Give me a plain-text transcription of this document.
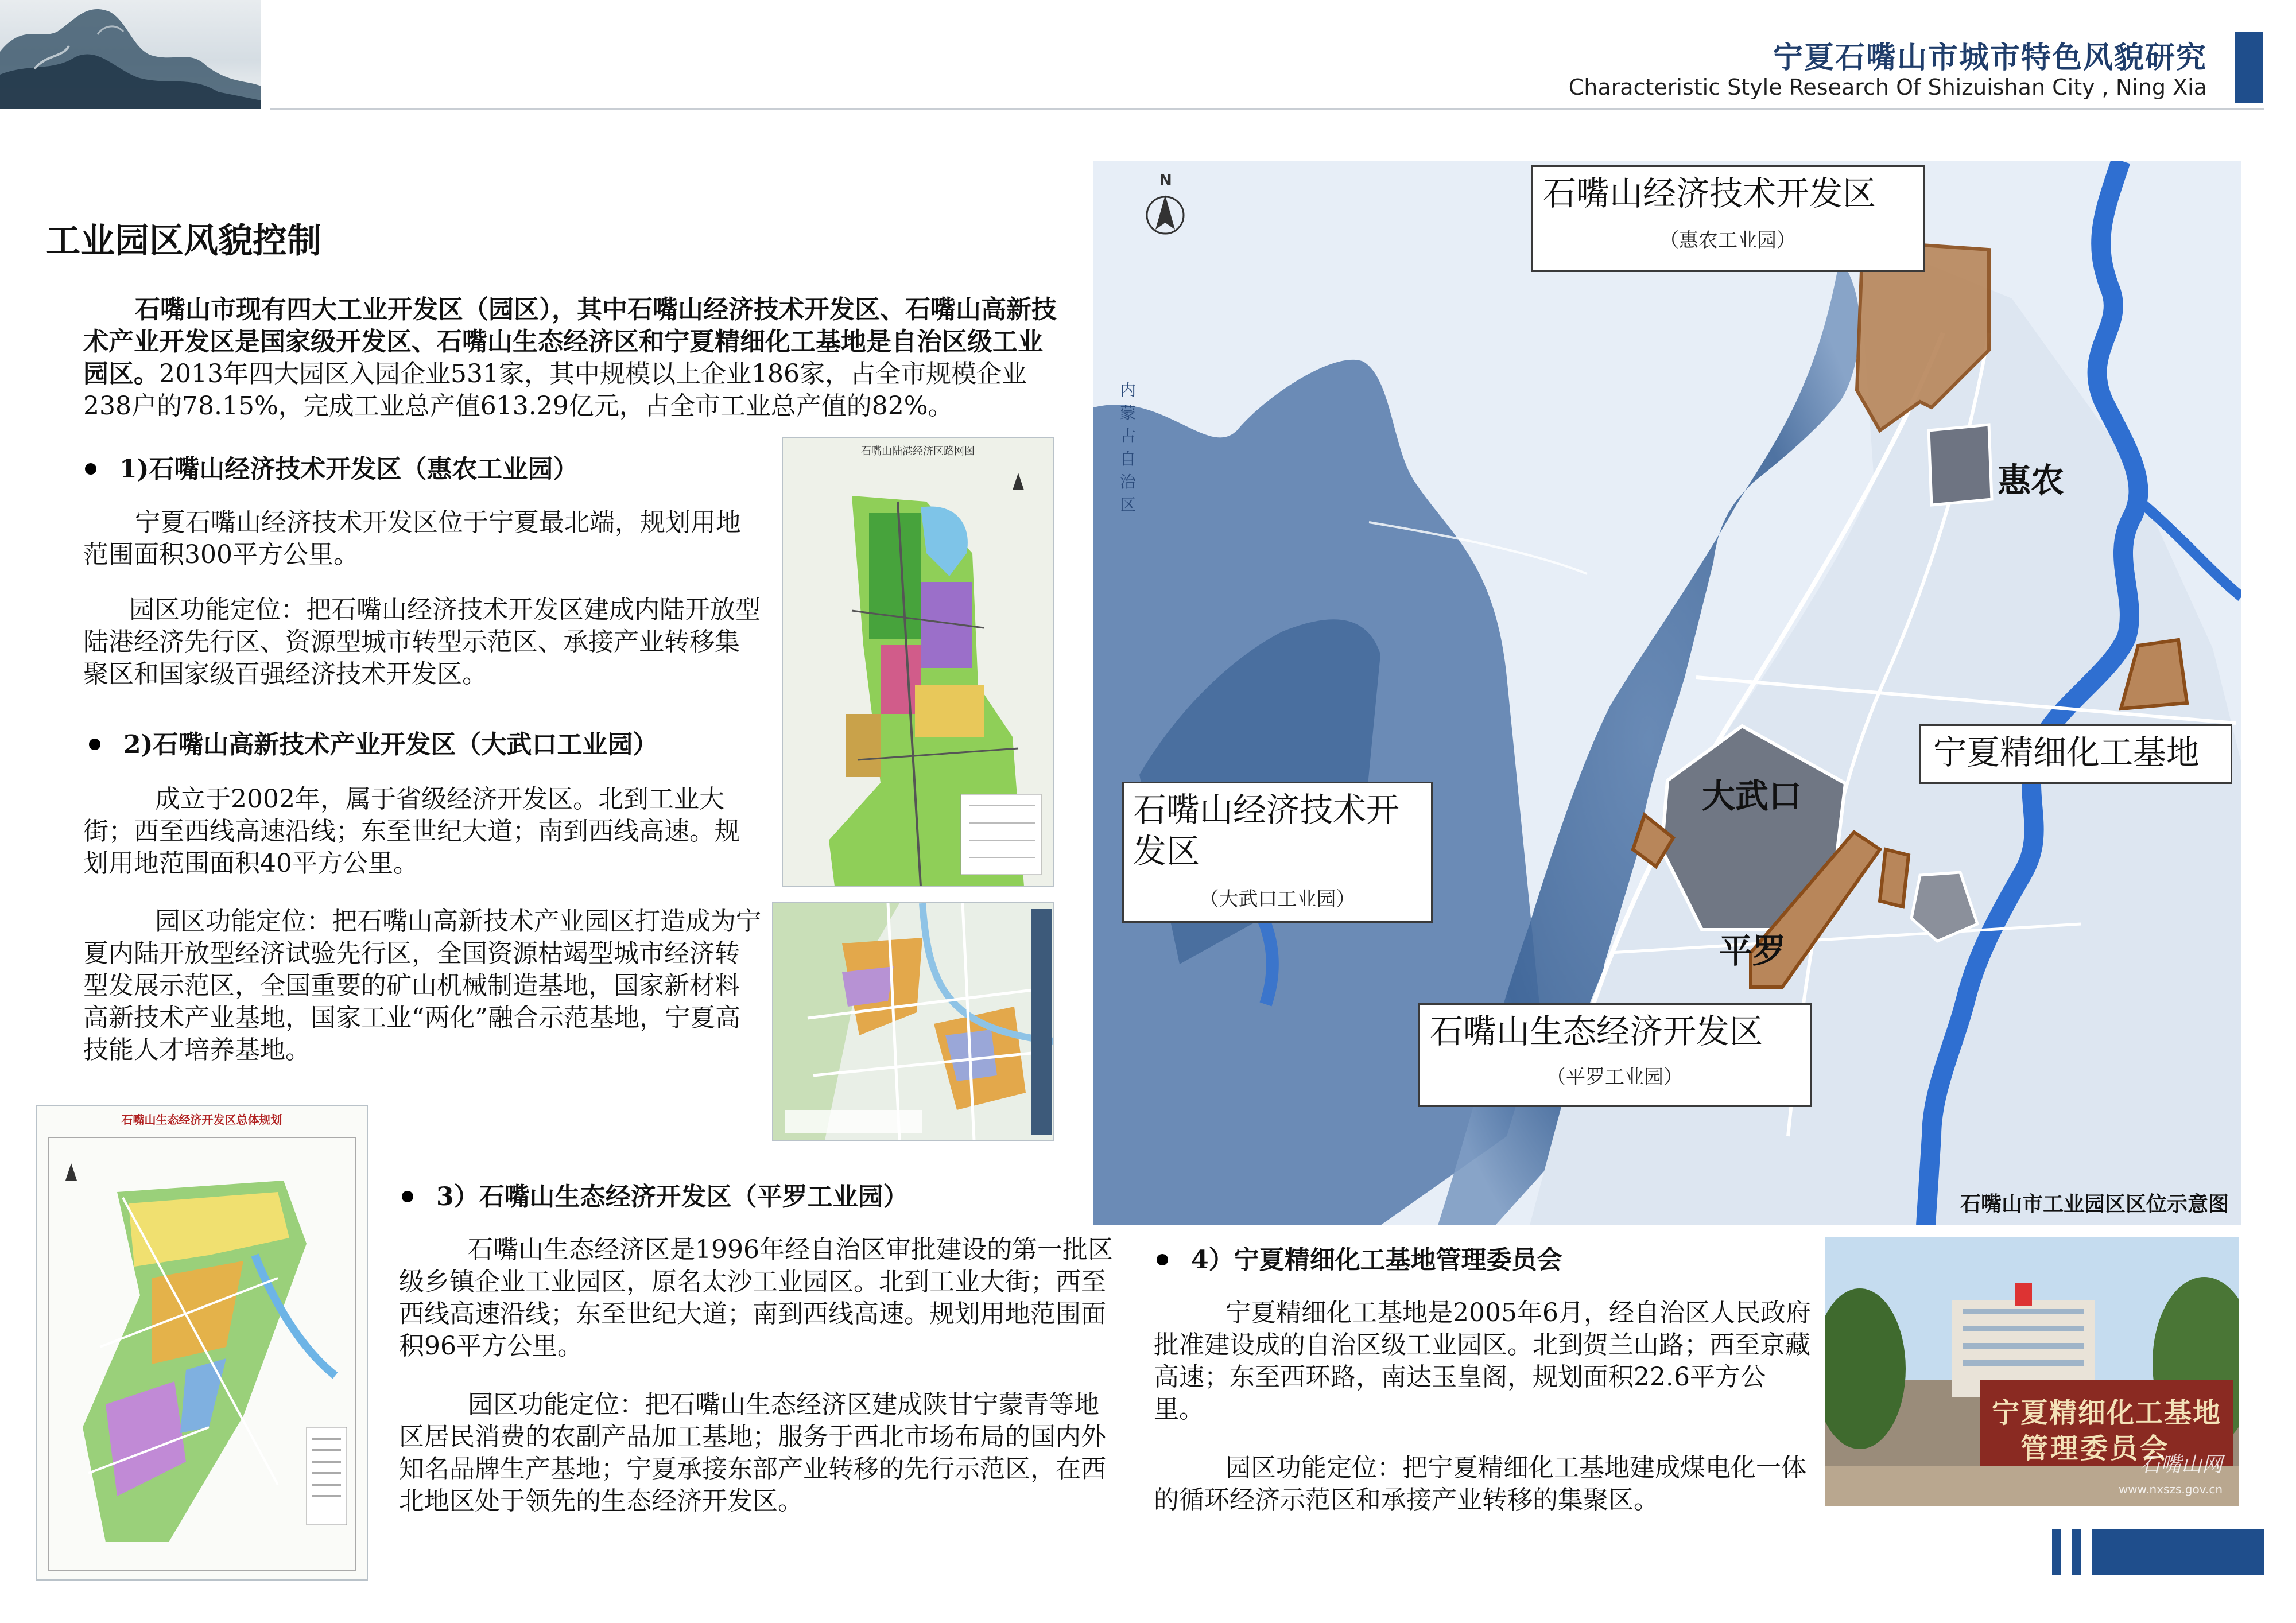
宁夏石嘴山市城市特色风貌研究
Characteristic Style Research Of Shizuishan City , Ning Xia
工业园区风貌控制
石嘴山市现有四大工业开发区（园区），其中石嘴山经济技术开发区、石嘴山高新技术产业开发区是国家级开发区、石嘴山生态经济区和宁夏精细化工基地是自治区级工业园区。2013年四大园区入园企业531家，其中规模以上企业186家，占全市规模企业238户的78.15%，完成工业总产值613.29亿元，占全市工业总产值的82%。
1)石嘴山经济技术开发区（惠农工业园）

宁夏石嘴山经济技术开发区位于宁夏最北端，规划用地范围面积300平方公里。

园区功能定位：把石嘴山经济技术开发区建成内陆开放型陆港经济先行区、资源型城市转型示范区、承接产业转移集聚区和国家级百强经济技术开发区。

2)石嘴山高新技术产业开发区（大武口工业园）

成立于2002年，属于省级经济开发区。北到工业大街；西至西线高速沿线；东至世纪大道；南到西线高速。规划用地范围面积40平方公里。

园区功能定位：把石嘴山高新技术产业园区打造成为宁夏内陆开放型经济试验先行区，全国资源枯竭型城市经济转型发展示范区，全国重要的矿山机械制造基地，国家新材料高新技术产业基地，国家工业“两化”融合示范基地，宁夏高技能人才培养基地。

石嘴山陆港经济区路网图
石嘴山生态经济开发区总体规划
3）石嘴山生态经济开发区（平罗工业园）

石嘴山生态经济区是1996年经自治区审批建设的第一批区级乡镇企业工业园区，原名太沙工业园区。北到工业大街；西至西线高速沿线；东至世纪大道；南到西线高速。规划用地范围面积96平方公里。

园区功能定位：把石嘴山生态经济区建成陕甘宁蒙青等地区居民消费的农副产品加工基地；服务于西北市场布局的国内外知名品牌生产基地；宁夏承接东部产业转移的先行示范区，在西北地区处于领先的生态经济开发区。

N
内蒙古自治区
石嘴山经济技术开发区
（惠农工业园）
石嘴山经济技术开发区
（大武口工业园）
石嘴山生态经济开发区
（平罗工业园）
宁夏精细化工基地
惠农
大武口
平罗
石嘴山市工业园区区位示意图
4）宁夏精细化工基地管理委员会

宁夏精细化工基地是2005年6月，经自治区人民政府批准建设成的自治区级工业园区。北到贺兰山路；西至京藏高速；东至西环路，南达玉皇阁，规划面积22.6平方公里。

园区功能定位：把宁夏精细化工基地建成煤电化一体的循环经济示范区和承接产业转移的集聚区。

宁夏精细化工基地
管理委员会
石嘴山网
www.nxszs.gov.cn
